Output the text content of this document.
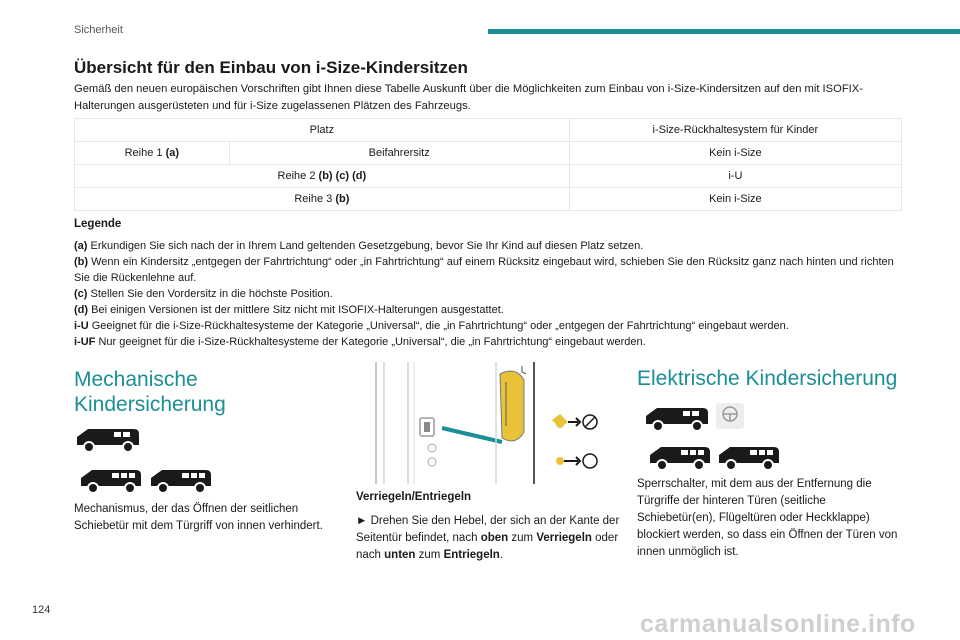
Sicherheit
Übersicht für den Einbau von i-Size-Kindersitzen
Gemäß den neuen europäischen Vorschriften gibt Ihnen diese Tabelle Auskunft über die Möglichkeiten zum Einbau von i-Size-Kindersitzen auf den mit ISOFIX-Halterungen ausgerüsteten und für i-Size zugelassenen Plätzen des Fahrzeugs.
Platz		i-Size-Rückhaltesystem für Kinder
Reihe 1 (a)	Beifahrersitz	Kein i-Size
Reihe 2 (b) (c) (d)		i-U
Reihe 3 (b)		Kein i-Size
Legende
(a) Erkundigen Sie sich nach der in Ihrem Land geltenden Gesetzgebung, bevor Sie Ihr Kind auf diesen Platz setzen.
(b) Wenn ein Kindersitz „entgegen der Fahrtrichtung“ oder „in Fahrtrichtung“ auf einem Rücksitz eingebaut wird, schieben Sie den Rücksitz ganz nach hinten und richten Sie die Rückenlehne auf.
(c) Stellen Sie den Vordersitz in die höchste Position.
(d) Bei einigen Versionen ist der mittlere Sitz nicht mit ISOFIX-Halterungen ausgestattet.
i-U Geeignet für die i-Size-Rückhaltesysteme der Kategorie „Universal“, die „in Fahrtrichtung“ oder „entgegen der Fahrtrichtung“ eingebaut werden.
i-UF Nur geeignet für die i-Size-Rückhaltesysteme der Kategorie „Universal“, die „in Fahrtrichtung“ eingebaut werden.
Mechanische Kindersicherung
Mechanismus, der das Öffnen der seitlichen Schiebetür mit dem Türgriff von innen verhindert.
Verriegeln/Entriegeln
► Drehen Sie den Hebel, der sich an der Kante der Seitentür befindet, nach oben zum Verriegeln oder nach unten zum Entriegeln.
Elektrische Kindersicherung
Sperrschalter, mit dem aus der Entfernung die Türgriffe der hinteren Türen (seitliche Schiebetür(en), Flügeltüren oder Heckklappe) blockiert werden, so dass ein Öffnen der Türen von innen unmöglich ist.
124	carmanualsonline.info
